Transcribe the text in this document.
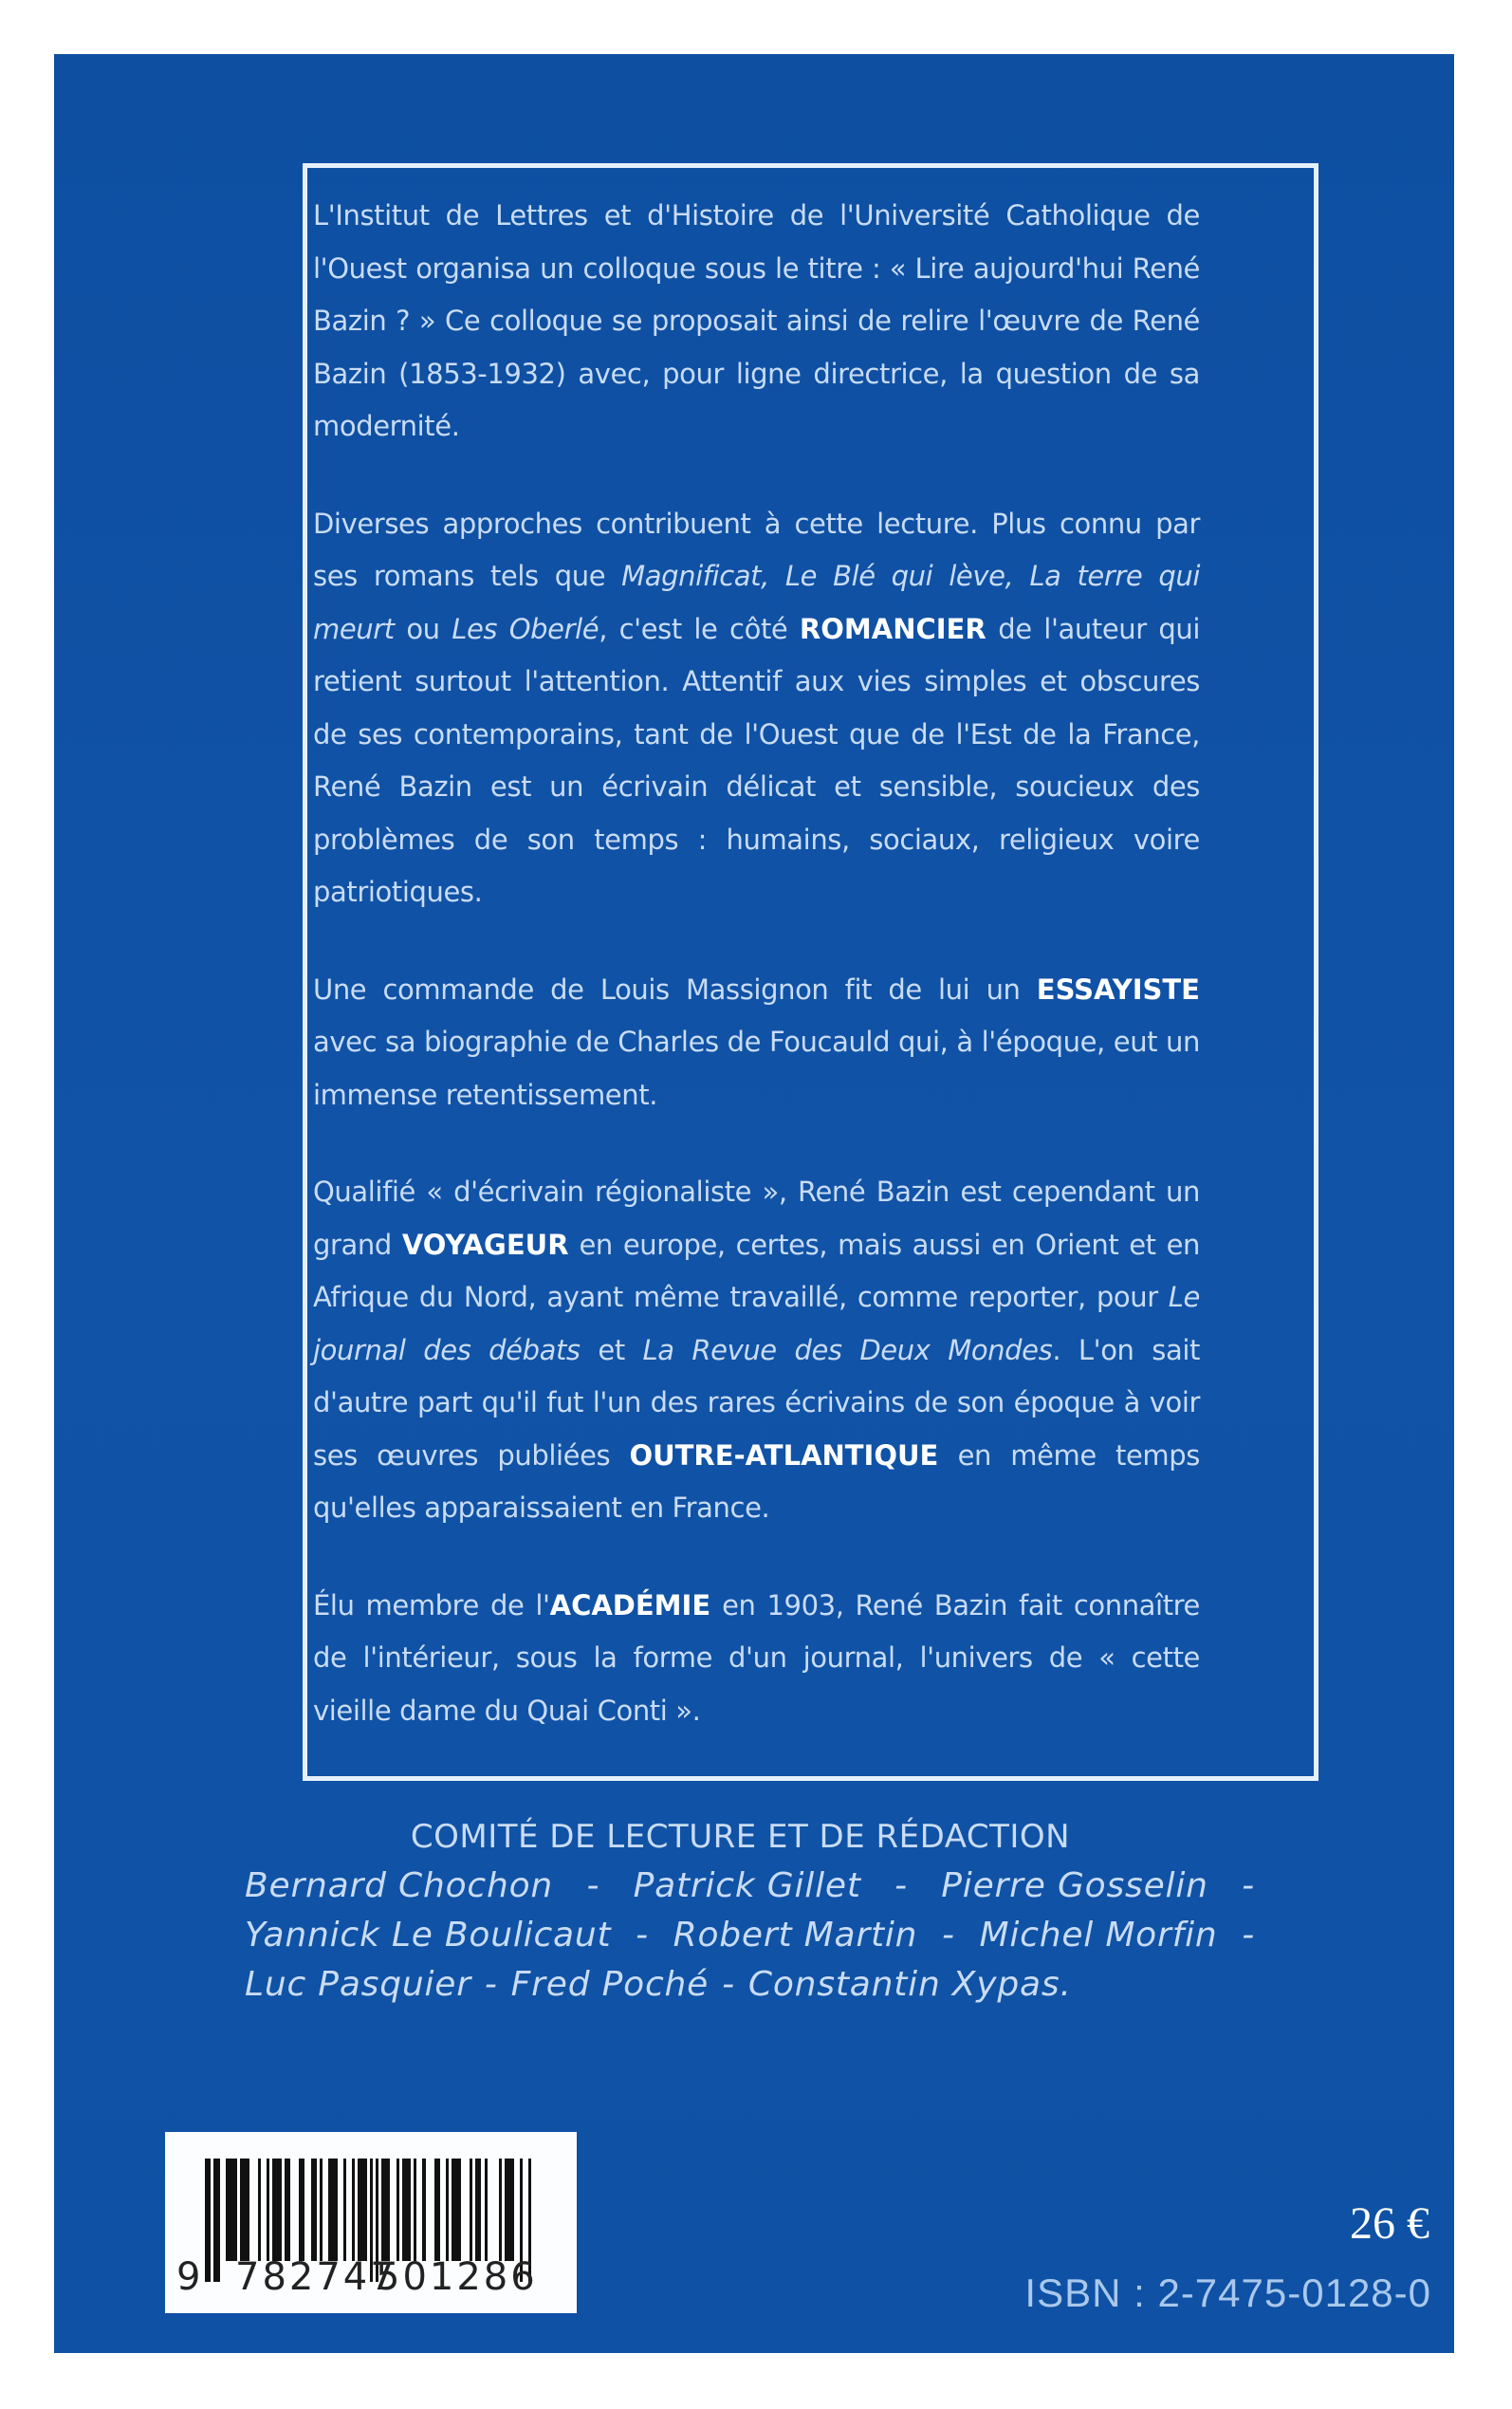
L'Institut de Lettres et d'Histoire de l'Université Catholique de l'Ouest organisa un colloque sous le titre : « Lire aujourd'hui René Bazin ? » Ce colloque se proposait ainsi de relire l'œuvre de René Bazin (1853-1932) avec, pour ligne directrice, la question de sa modernité.

Diverses approches contribuent à cette lecture. Plus connu par ses romans tels que Magnificat, Le Blé qui lève, La terre qui meurt ou Les Oberlé, c'est le côté ROMANCIER de l'auteur qui retient surtout l'attention. Attentif aux vies simples et obscures de ses contemporains, tant de l'Ouest que de l'Est de la France, René Bazin est un écrivain délicat et sensible, soucieux des problèmes de son temps : humains, sociaux, religieux voire patriotiques.

Une commande de Louis Massignon fit de lui un ESSAYISTE avec sa biographie de Charles de Foucauld qui, à l'époque, eut un immense retentissement.

Qualifié « d'écrivain régionaliste », René Bazin est cependant un grand VOYAGEUR en europe, certes, mais aussi en Orient et en Afrique du Nord, ayant même travaillé, comme reporter, pour Le journal des débats et La Revue des Deux Mondes. L'on sait d'autre part qu'il fut l'un des rares écrivains de son époque à voir ses œuvres publiées OUTRE-ATLANTIQUE en même temps qu'elles apparaissaient en France.

Élu membre de l'ACADÉMIE en 1903, René Bazin fait connaître de l'intérieur, sous la forme d'un journal, l'univers de « cette vieille dame du Quai Conti ».

COMITÉ DE LECTURE ET DE RÉDACTION
Bernard Chochon - Patrick Gillet - Pierre Gosselin -
Yannick Le Boulicaut - Robert Martin - Michel Morfin -
Luc Pasquier - Fred Poché - Constantin Xypas.
9 782747
501286
26 €
ISBN : 2-7475-0128-0
